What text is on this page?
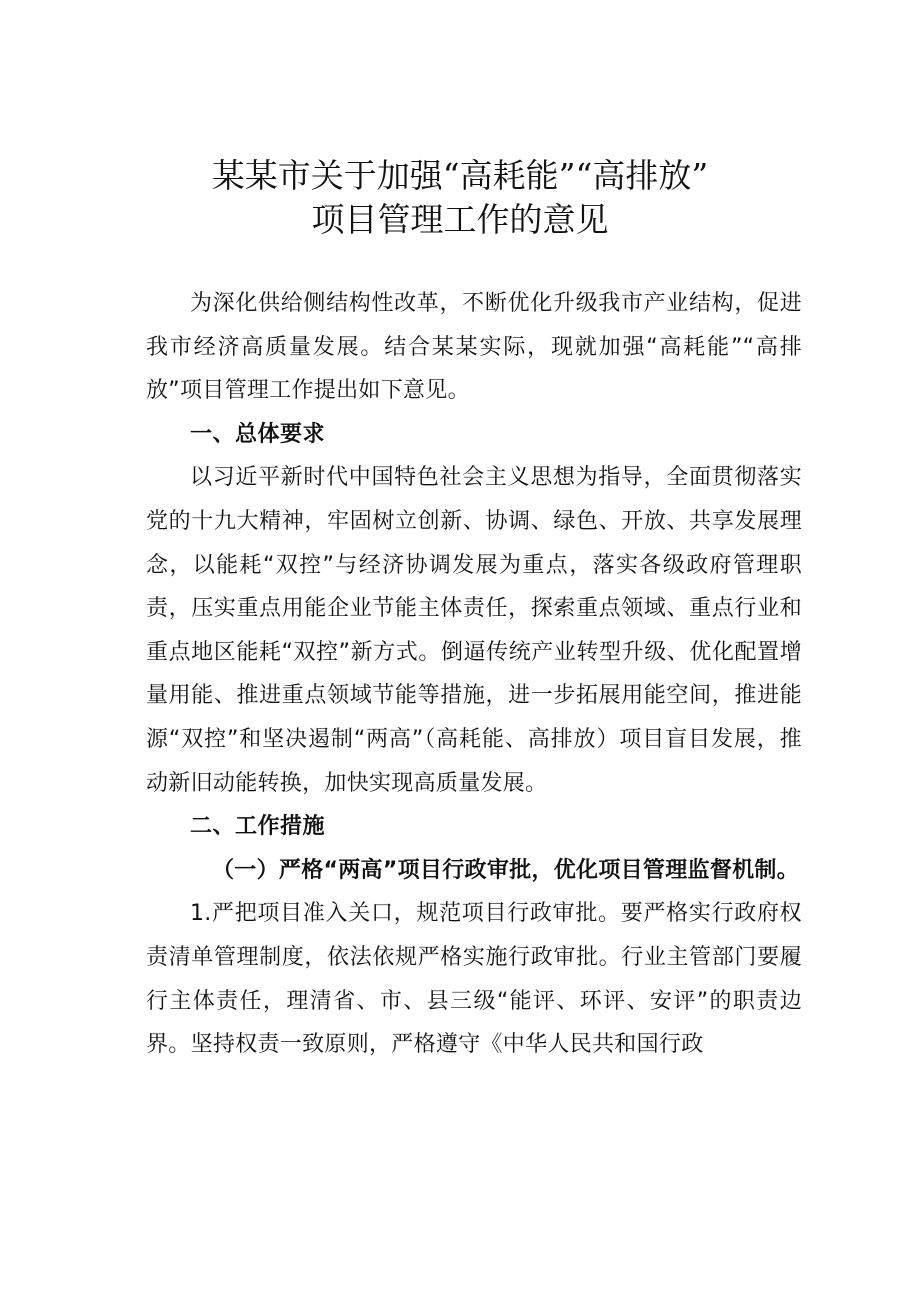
某某市关于加强“高耗能”“高排放”
项目管理工作的意见

为深化供给侧结构性改革，不断优化升级我市产业结构，促进我市经济高质量发展。结合某某实际，现就加强“高耗能”“高排放”项目管理工作提出如下意见。

一、总体要求

以习近平新时代中国特色社会主义思想为指导，全面贯彻落实党的十九大精神，牢固树立创新、协调、绿色、开放、共享发展理念，以能耗“双控”与经济协调发展为重点，落实各级政府管理职责，压实重点用能企业节能主体责任，探索重点领域、重点行业和重点地区能耗“双控”新方式。倒逼传统产业转型升级、优化配置增量用能、推进重点领域节能等措施，进一步拓展用能空间，推进能源“双控”和坚决遏制“两高”（高耗能、高排放）项目盲目发展，推动新旧动能转换，加快实现高质量发展。

二、工作措施

（一）严格“两高”项目行政审批，优化项目管理监督机制。

1.严把项目准入关口，规范项目行政审批。要严格实行政府权责清单管理制度，依法依规严格实施行政审批。行业主管部门要履行主体责任，理清省、市、县三级“能评、环评、安评”的职责边界。坚持权责一致原则，严格遵守《中华人民共和国行政
